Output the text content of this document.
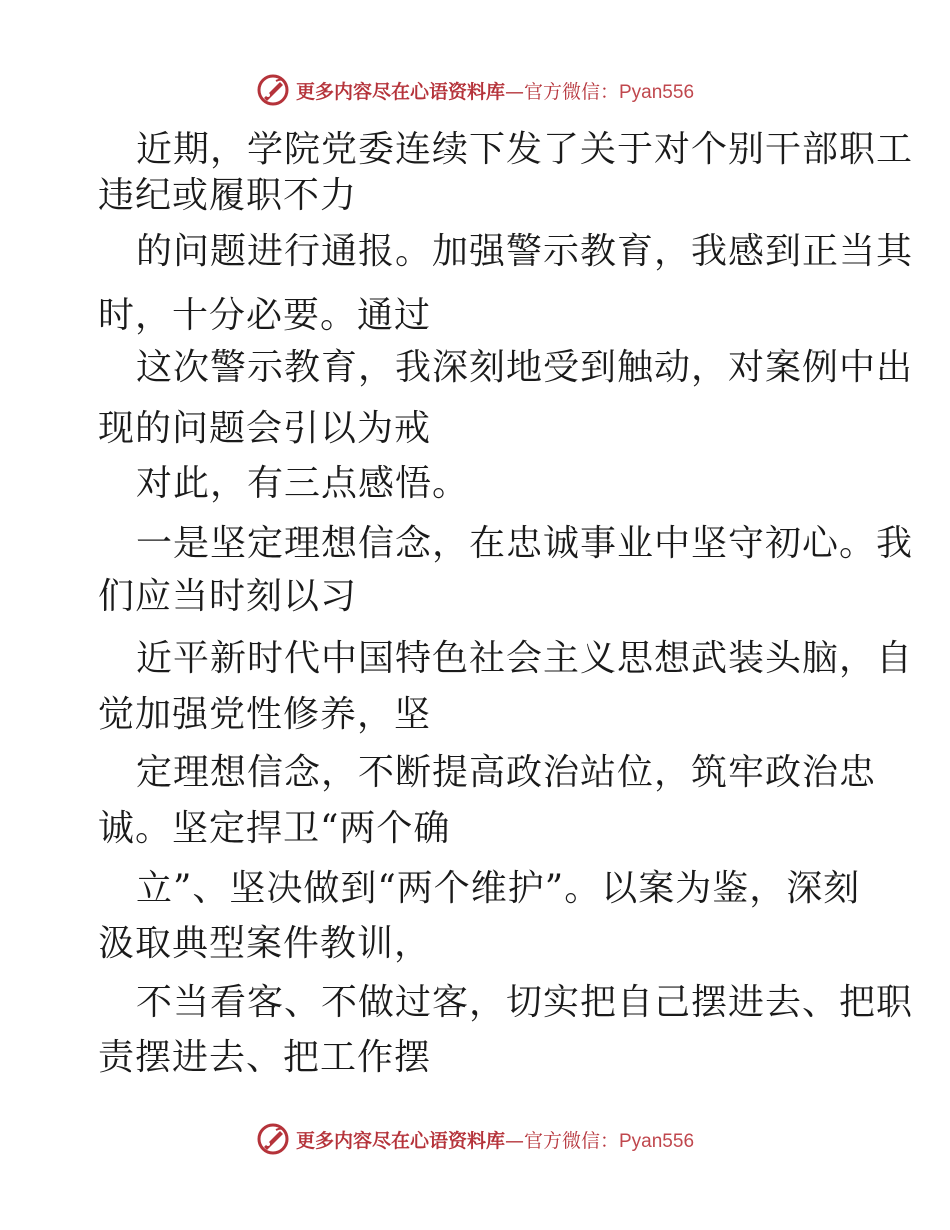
更多内容尽在心语资料库—官方微信：Pyan556
近期，学院党委连续下发了关于对个别干部职工
违纪或履职不力
的问题进行通报。加强警示教育，我感到正当其
时，十分必要。通过
这次警示教育，我深刻地受到触动，对案例中出
现的问题会引以为戒
对此，有三点感悟。
一是坚定理想信念，在忠诚事业中坚守初心。我
们应当时刻以习
近平新时代中国特色社会主义思想武装头脑，自
觉加强党性修养，坚
定理想信念，不断提高政治站位，筑牢政治忠
诚。坚定捍卫“两个确
立”、坚决做到“两个维护”。以案为鉴，深刻
汲取典型案件教训，
不当看客、不做过客，切实把自己摆进去、把职
责摆进去、把工作摆
更多内容尽在心语资料库—官方微信：Pyan556
